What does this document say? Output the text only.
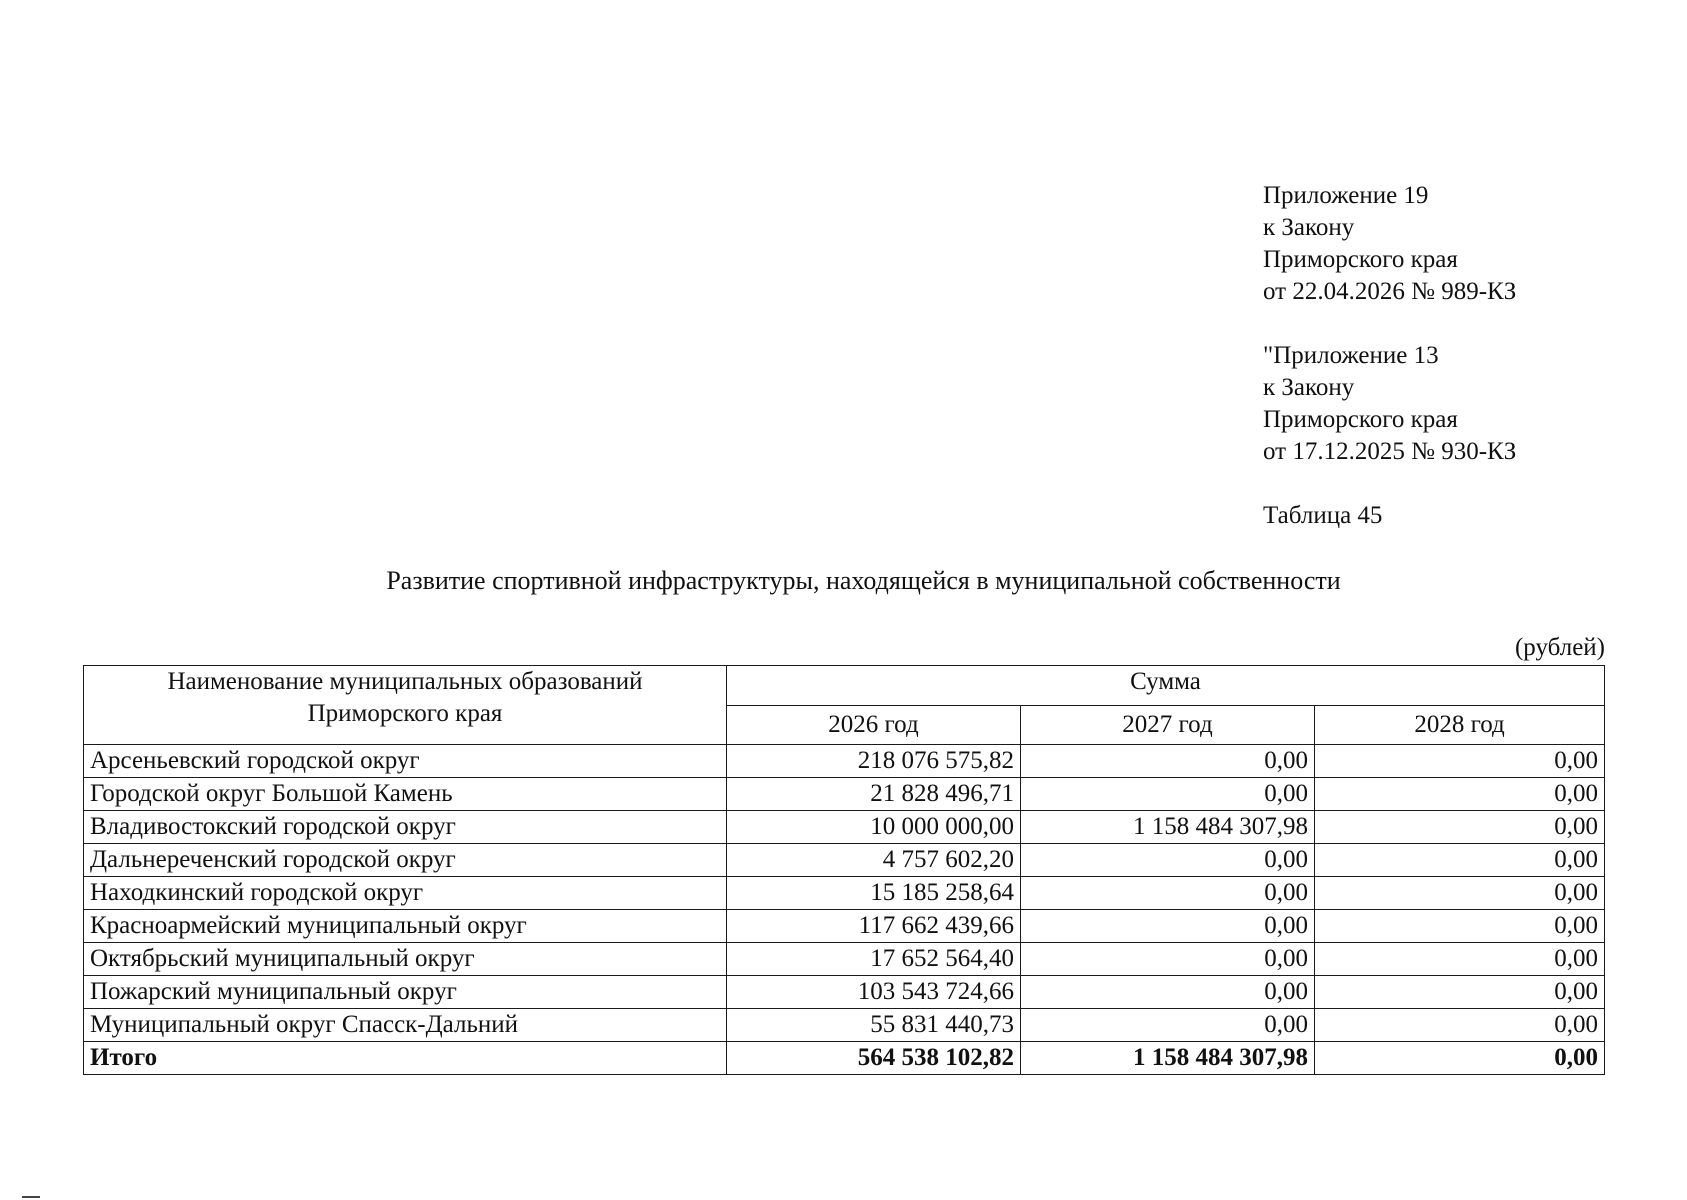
Приложение 19
к Закону
Приморского края
от 22.04.2026 № 989-КЗ
"Приложение 13
к Закону
Приморского края
от 17.12.2025 № 930-КЗ
Таблица 45
Развитие спортивной инфраструктуры, находящейся в муниципальной собственности
(рублей)
Наименование муниципальных образований
Приморского края	Сумма		
	2026 год	2027 год	2028 год
Арсеньевский городской округ	218 076 575,82	0,00	0,00
Городской округ Большой Камень	21 828 496,71	0,00	0,00
Владивостокский городской округ	10 000 000,00	1 158 484 307,98	0,00
Дальнереченский городской округ	4 757 602,20	0,00	0,00
Находкинский городской округ	15 185 258,64	0,00	0,00
Красноармейский муниципальный округ	117 662 439,66	0,00	0,00
Октябрьский муниципальный округ	17 652 564,40	0,00	0,00
Пожарский муниципальный округ	103 543 724,66	0,00	0,00
Муниципальный округ Спасск-Дальний	55 831 440,73	0,00	0,00
Итого	564 538 102,82	1 158 484 307,98	0,00
